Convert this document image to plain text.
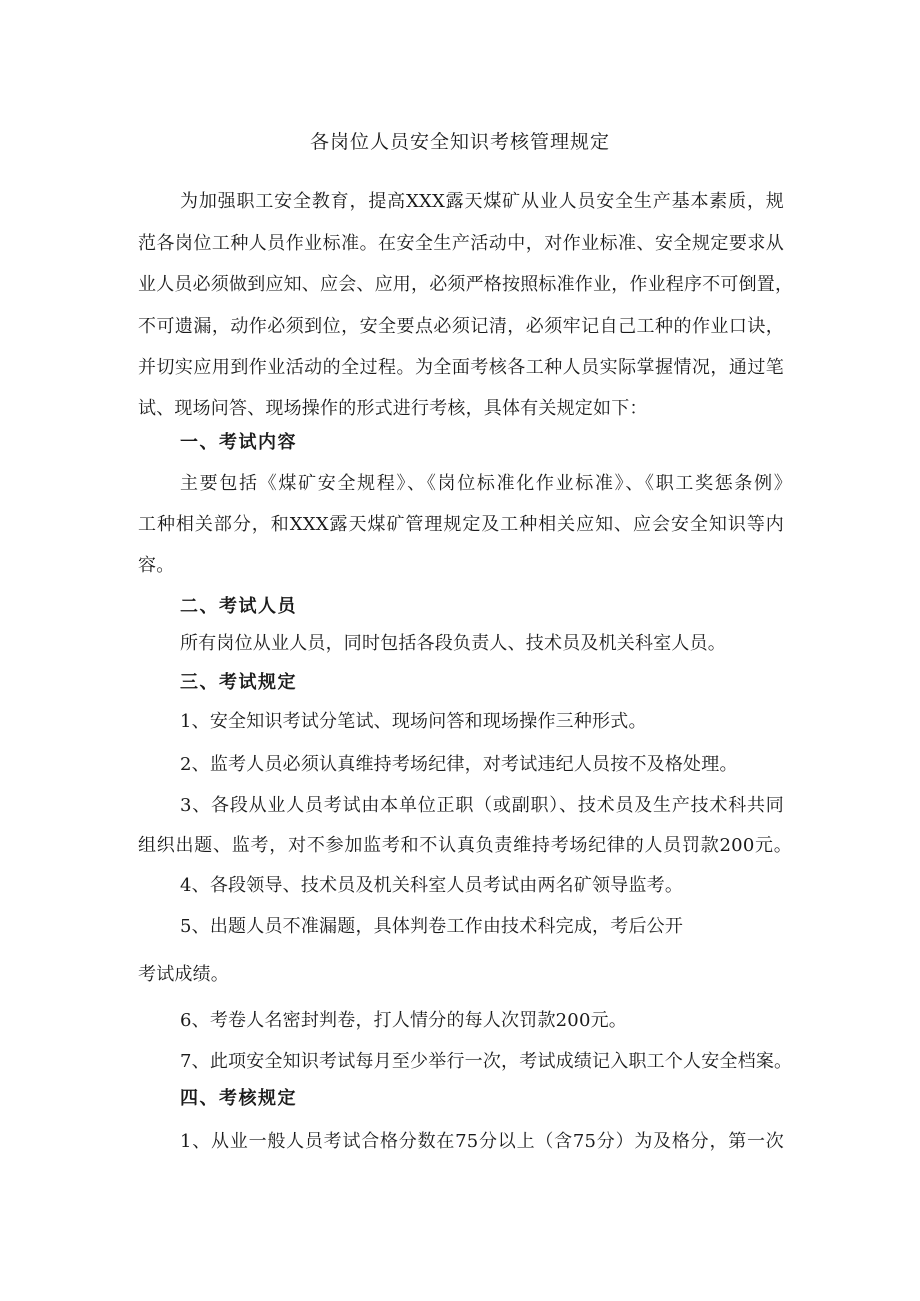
各岗位人员安全知识考核管理规定
为加强职工安全教育，提高XXX露天煤矿从业人员安全生产基本素质，规
范各岗位工种人员作业标准。在安全生产活动中，对作业标准、安全规定要求从
业人员必须做到应知、应会、应用，必须严格按照标准作业，作业程序不可倒置，
不可遗漏，动作必须到位，安全要点必须记清，必须牢记自己工种的作业口诀，
并切实应用到作业活动的全过程。为全面考核各工种人员实际掌握情况，通过笔
试、现场问答、现场操作的形式进行考核，具体有关规定如下：
一、考试内容
主要包括《煤矿安全规程》、《岗位标准化作业标准》、《职工奖惩条例》
工种相关部分，和XXX露天煤矿管理规定及工种相关应知、应会安全知识等内
容。
二、考试人员
所有岗位从业人员，同时包括各段负责人、技术员及机关科室人员。
三、考试规定
1、安全知识考试分笔试、现场问答和现场操作三种形式。
2、监考人员必须认真维持考场纪律，对考试违纪人员按不及格处理。
3、各段从业人员考试由本单位正职（或副职）、技术员及生产技术科共同
组织出题、监考，对不参加监考和不认真负责维持考场纪律的人员罚款200元。
4、各段领导、技术员及机关科室人员考试由两名矿领导监考。
5、出题人员不准漏题，具体判卷工作由技术科完成，考后公开
考试成绩。
6、考卷人名密封判卷，打人情分的每人次罚款200元。
7、此项安全知识考试每月至少举行一次，考试成绩记入职工个人安全档案。
四、考核规定
1、从业一般人员考试合格分数在75分以上（含75分）为及格分，第一次
